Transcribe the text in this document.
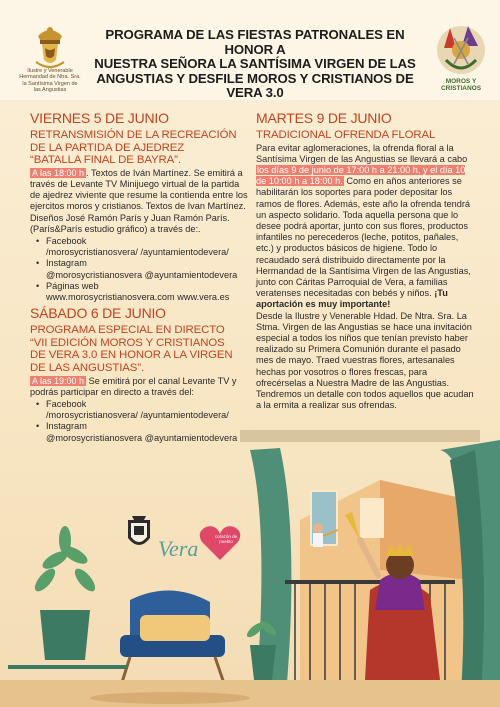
Ilustre y Venerable
Hermandad de Ntra. Sra.
la Santísima Virgen de
las Angustias
PROGRAMA DE LAS FIESTAS PATRONALES EN HONOR A
NUESTRA SEÑORA LA SANTÍSIMA VIRGEN DE LAS
ANGUSTIAS Y DESFILE MOROS Y CRISTIANOS DE VERA 3.0
MOROS Y
CRISTIANOS
Vera	corazón de pueblo
VIERNES 5 DE JUNIO
RETRANSMISIÓN DE LA RECREACIÓN
DE LA PARTIDA DE AJEDREZ
“BATALLA FINAL DE BAYRA”.
A las 18:00 h . Textos de Iván Martínez. Se emitirá a través de Levante TV Minijuego virtual de la partida de ajedrez viviente que resume la contienda entre los ejercitos moros y cristianos. Textos de Ivan Martínez. Diseños José Ramón París y Juan Ramón París. (París&París estudio gráfico) a través de:.
• Facebook
/morosycristianosvera/ /ayuntamientodevera/
• Instagram
@morosycristianosvera @ayuntamientodevera
• Páginas web
www.morosycristianosvera.com www.vera.es
SÁBADO 6 DE JUNIO
PROGRAMA ESPECIAL EN DIRECTO
“VII EDICIÓN MOROS Y CRISTIANOS
DE VERA 3.0 EN HONOR A LA VIRGEN
DE LAS ANGUSTIAS”.
A las 19:00 h Se emitirá por el canal Levante TV y podrás participar en directo a través del:
• Facebook
/morosycristianosvera/ /ayuntamientodevera/
• Instagram
@morosycristianosvera @ayuntamientodevera
MARTES 9 DE JUNIO
TRADICIONAL OFRENDA FLORAL
Para evitar aglomeraciones, la ofrenda floral a la Santísima Virgen de las Angustias se llevará a cabo los días 9 de junio de 17:00 h a 21:00 h, y el día 10 de 10:00 h a 18:00 h. Como en años anteriores se habilitarán los soportes para poder depositar los ramos de flores. Además, este año la ofrenda tendrá un aspecto solidario. Toda aquella persona que lo desee podrá aportar, junto con sus flores, productos infantiles no perecederos (leche, potitos, pañales, etc.) y productos básicos de higiene. Todo lo recaudado será distribuido directamente por la Hermandad de la Santísima Virgen de las Angustias, junto con Cáritas Parroquial de Vera, a familias veratenses necesitadas con bebés y niños. ¡Tu aportación es muy importante!
Desde la Ilustre y Venerable Hdad. De Ntra. Sra. La Stma. Virgen de las Angustias se hace una invitación especial a todos los niños que tenían previsto haber realizado su Primera Comunión durante el pasado mes de mayo. Traed vuestras flores, artesanales hechas por vosotros o flores frescas, para ofrecérselas a Nuestra Madre de las Angustias. Tendremos un detalle con todos aquellos que acudan a la ermita a realizar sus ofrendas.
